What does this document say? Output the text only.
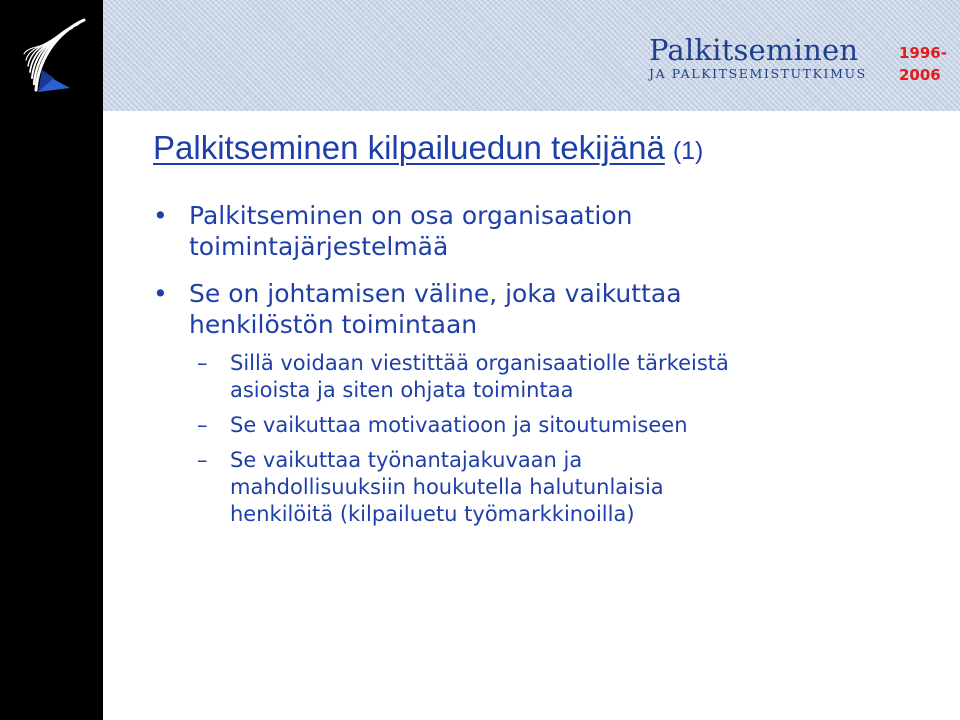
Palkitseminen
JA PALKITSEMISTUTKIMUS
1996-
2006
Palkitseminen kilpailuedun tekijänä (1)
• Palkitseminen on osa organisaation
toimintajärjestelmää
• Se on johtamisen väline, joka vaikuttaa
henkilöstön toimintaan
– Sillä voidaan viestittää organisaatiolle tärkeistä
asioista ja siten ohjata toimintaa
– Se vaikuttaa motivaatioon ja sitoutumiseen
– Se vaikuttaa työnantajakuvaan ja
mahdollisuuksiin houkutella halutunlaisia
henkilöitä (kilpailuetu työmarkkinoilla)
